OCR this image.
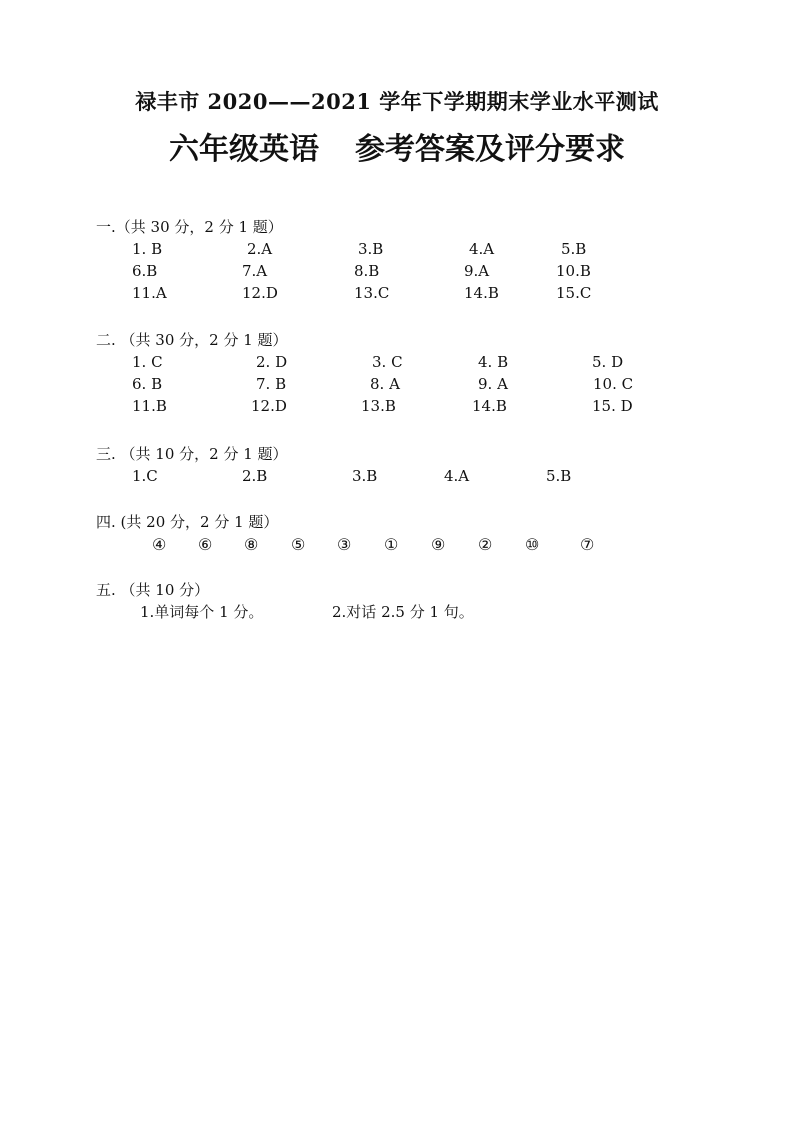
禄丰市 2020——2021 学年下学期期末学业水平测试
六年级英语 参考答案及评分要求
一.（共 30 分，2 分 1 题）
1. B	2.A	3.B	4.A	5.B
6.B	7.A	8.B	9.A	10.B
11.A	12.D	13.C	14.B	15.C
二. （共 30 分，2 分 1 题）
1. C	2. D	3. C	4. B	5. D
6. B	7. B	8. A	9. A	10. C
11.B	12.D	13.B	14.B	15. D
三. （共 10 分，2 分 1 题）
1.C	2.B	3.B	4.A	5.B
四. (共 20 分，2 分 1 题）
④ ⑥ ⑧ ⑤ ③ ① ⑨ ② ⑩	⑦
五. （共 10 分）
1.单词每个 1 分。	2.对话 2.5 分 1 句。
